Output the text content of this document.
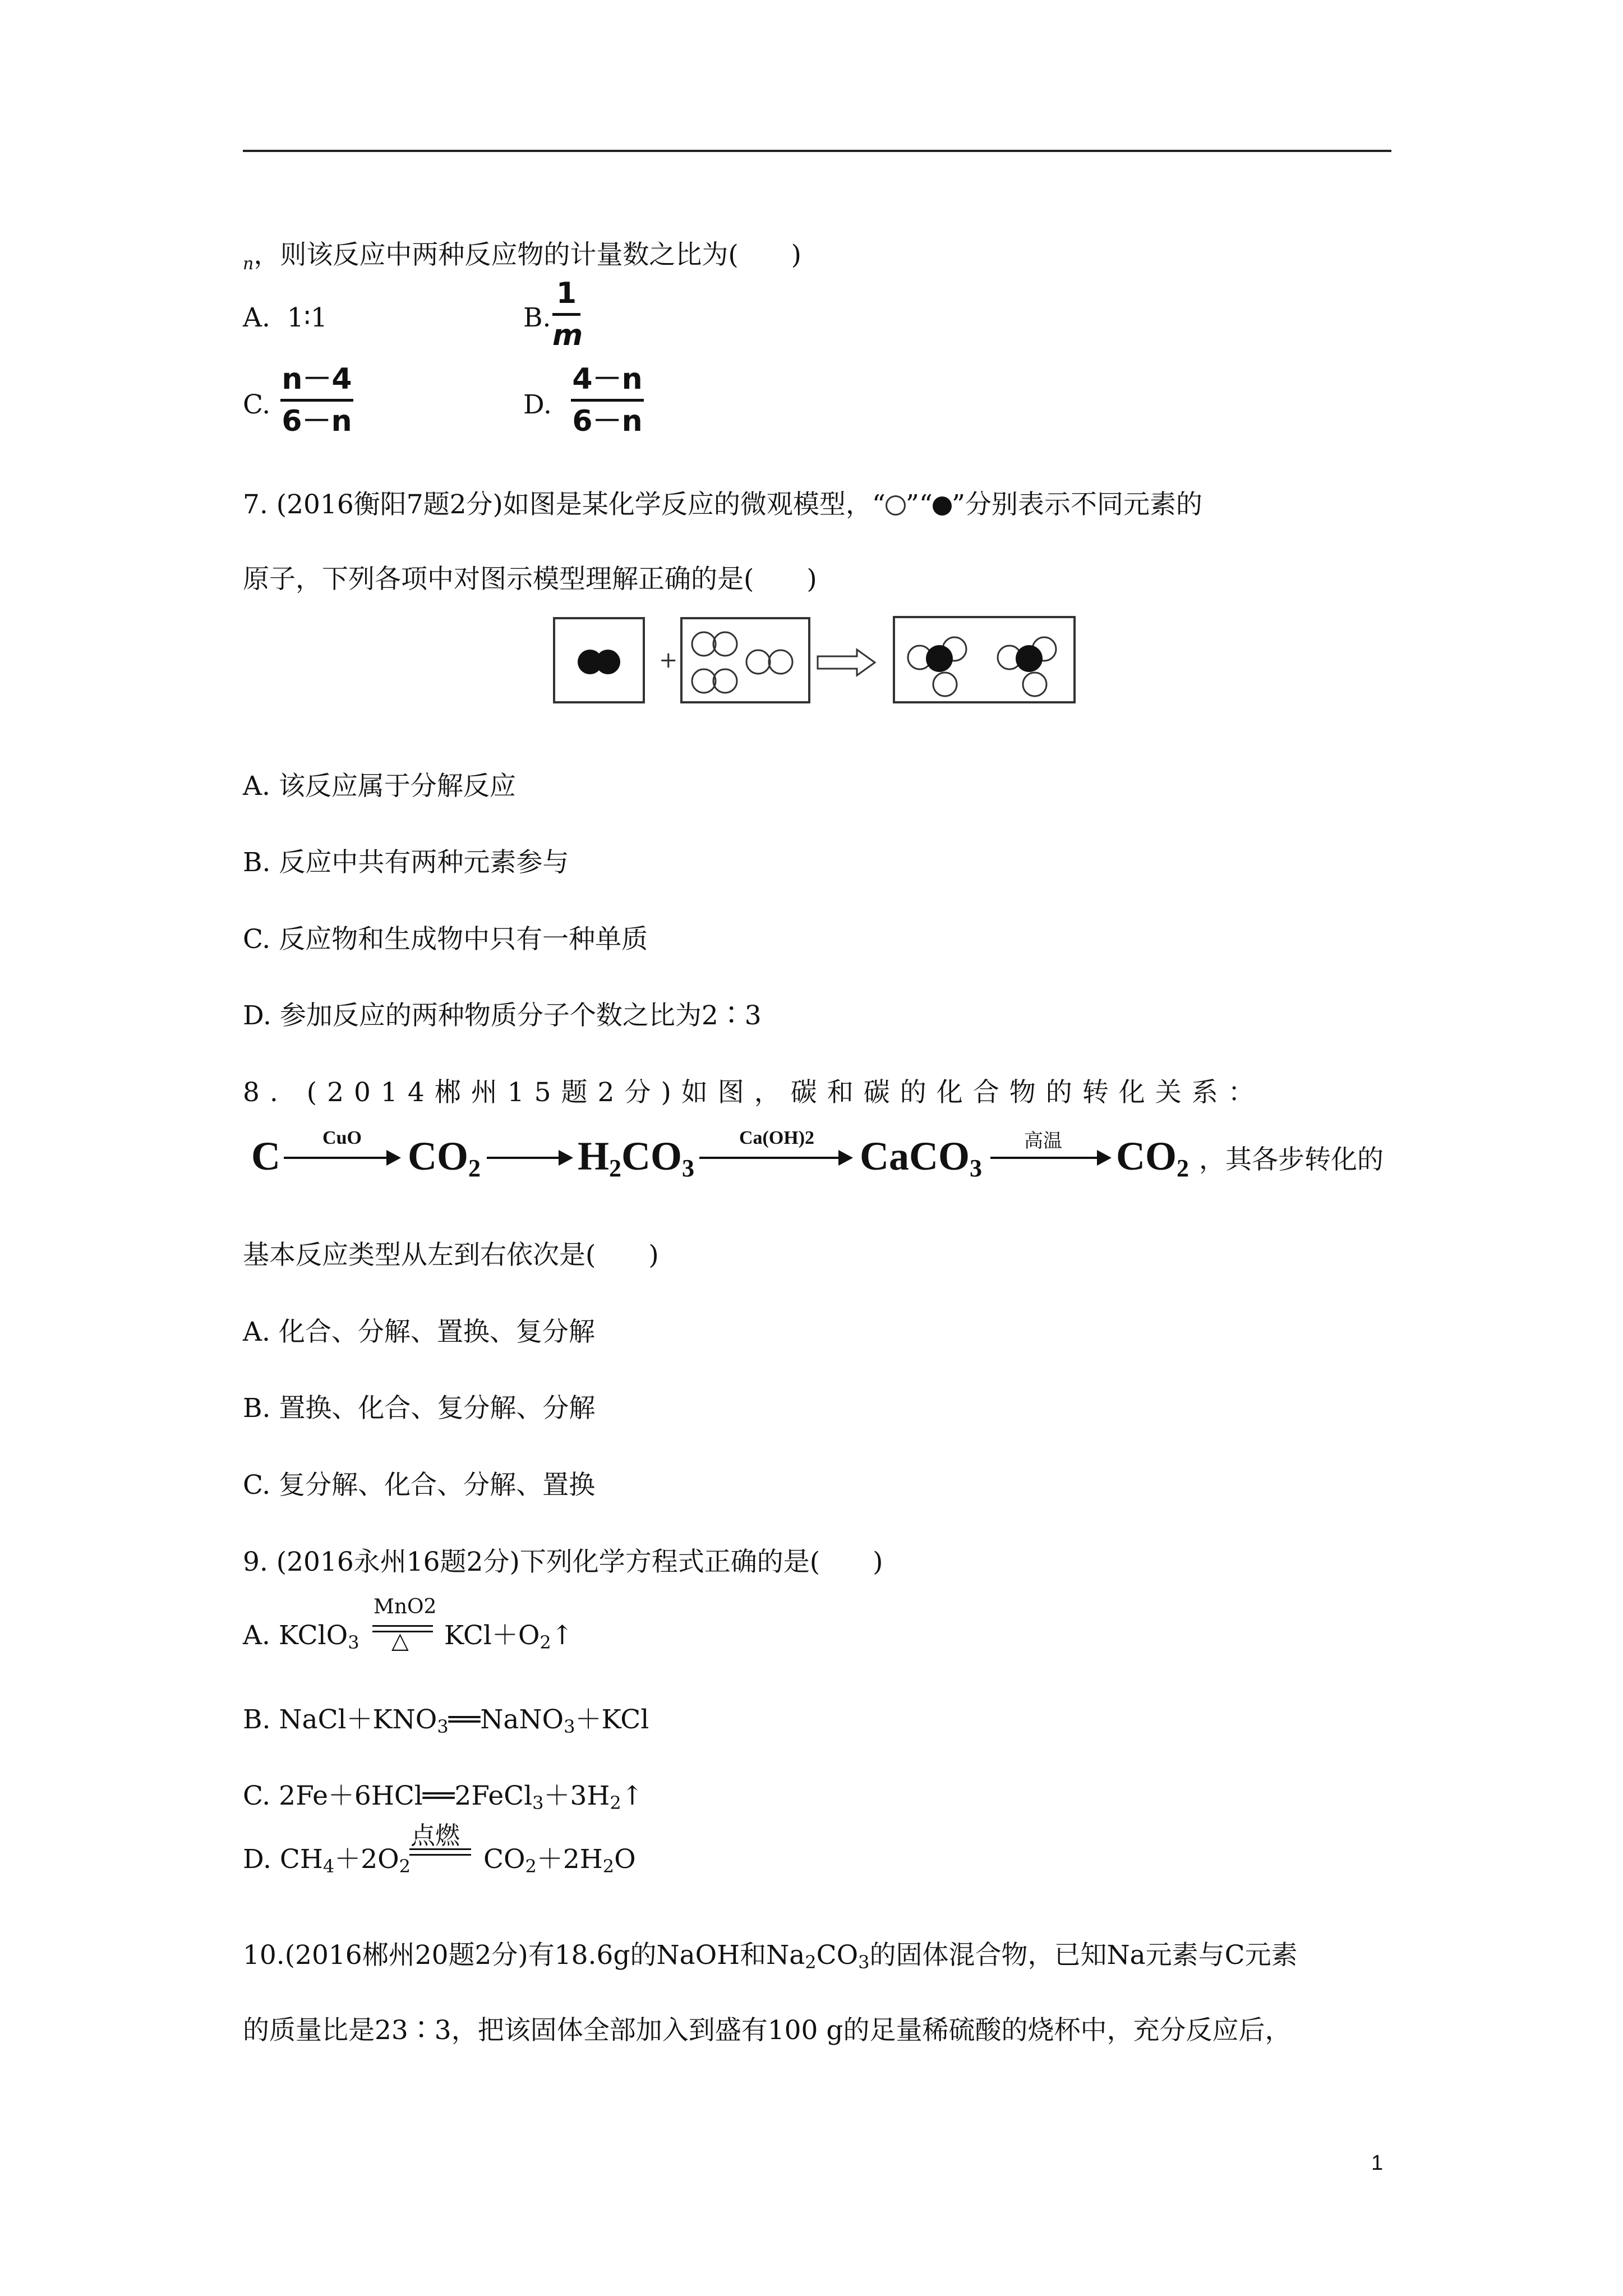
$_n$，则该反应中两种反应物的计量数之比为(　　)
A. 1∶1	B.
1
m
C.
n－4
6－n	D.
4－n
6－n
7. (2016衡阳7题2分)如图是某化学反应的微观模型，“ ”“ ”分别表示不同元素的
原子，下列各项中对图示模型理解正确的是(　　)
+
A. 该反应属于分解反应
B. 反应中共有两种元素参与
C. 反应物和生成物中只有一种单质
D. 参加反应的两种物质分子个数之比为2∶3
8. (2014郴州15题2分)如图，碳和碳的化合物的转化关系：
C	CuO $CO_2$ $H_2CO_3$
Ca(OH)2 CaCO$_3$
高温	$CO_2$ ，其各步转化的
基本反应类型从左到右依次是(　　)
A. 化合、分解、置换、复分解
B. 置换、化合、复分解、分解
C. 复分解、化合、分解、置换
9. (2016永州16题2分)下列化学方程式正确的是(　　)
A. KClO$_3$
MnO2
△ $KCl+O_2↑$
B. $NaCl+KNO_3══NaNO_3+KCl$
C. $2Fe+6HCl══2FeCl_3+3H_2↑$
D. $CH_4+2O_2$
点燃
$CO_2+2H_2O$
10.(2016郴州20题2分)有18.6g的NaOH和$Na_2CO_3$的固体混合物，已知Na元素与C元素
的质量比是23∶3，把该固体全部加入到盛有100 g的足量稀硫酸的烧杯中，充分反应后，
1
